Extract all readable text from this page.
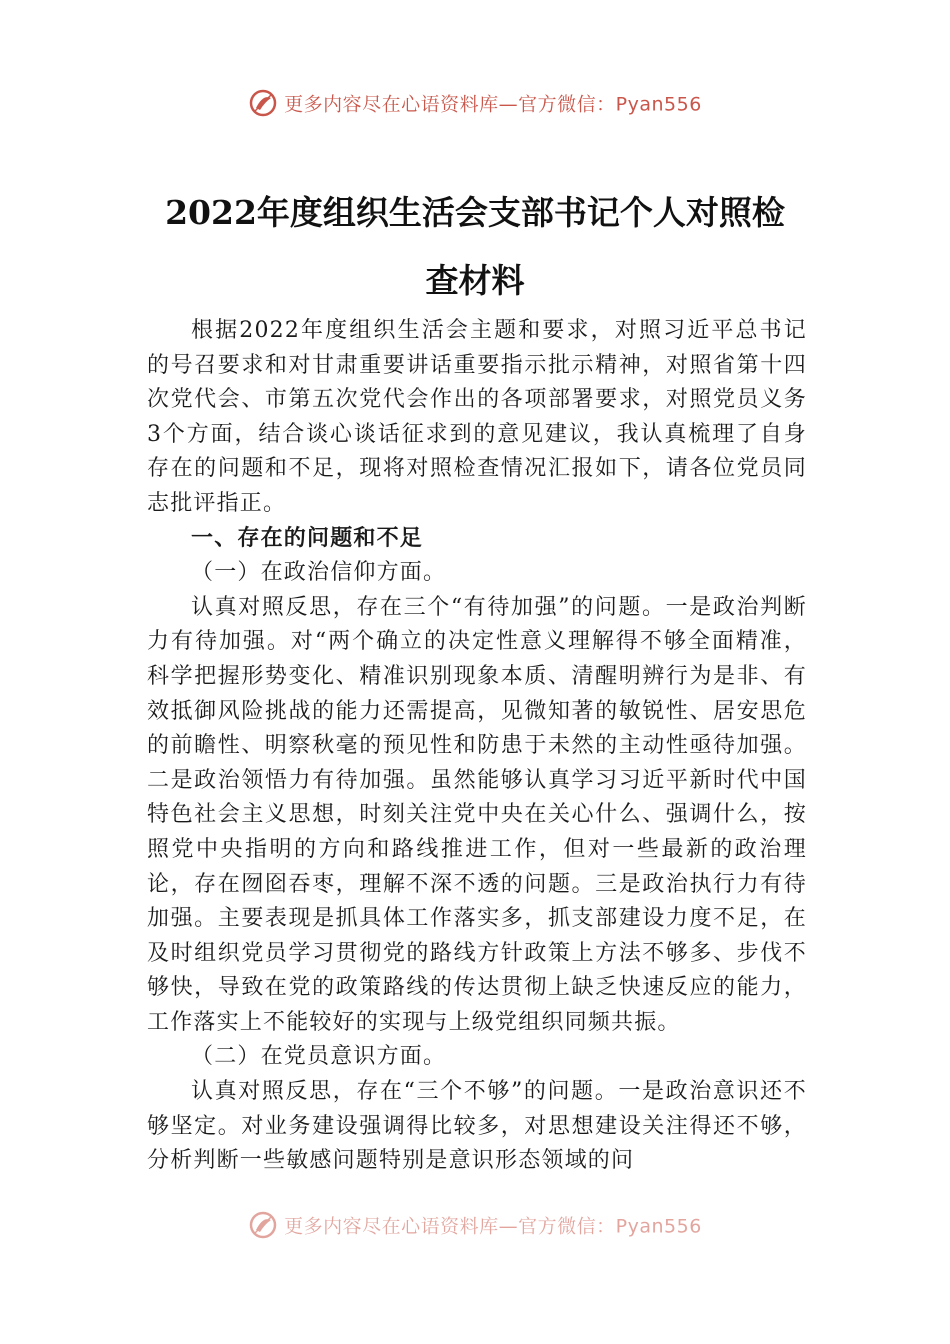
更多内容尽在心语资料库—官方微信：Pyan556
2022年度组织生活会支部书记个人对照检
查材料

根据2022年度组织生活会主题和要求，对照习近平总书记的号召要求和对甘肃重要讲话重要指示批示精神，对照省第十四次党代会、市第五次党代会作出的各项部署要求，对照党员义务3个方面，结合谈心谈话征求到的意见建议，我认真梳理了自身存在的问题和不足，现将对照检查情况汇报如下，请各位党员同志批评指正。

一、存在的问题和不足

（一）在政治信仰方面。

认真对照反思，存在三个“有待加强”的问题。一是政治判断力有待加强。对“两个确立的决定性意义理解得不够全面精准，科学把握形势变化、精准识别现象本质、清醒明辨行为是非、有效抵御风险挑战的能力还需提高，见微知著的敏锐性、居安思危的前瞻性、明察秋毫的预见性和防患于未然的主动性亟待加强。二是政治领悟力有待加强。虽然能够认真学习习近平新时代中国特色社会主义思想，时刻关注党中央在关心什么、强调什么，按照党中央指明的方向和路线推进工作，但对一些最新的政治理论，存在囫囵吞枣，理解不深不透的问题。三是政治执行力有待加强。主要表现是抓具体工作落实多，抓支部建设力度不足，在及时组织党员学习贯彻党的路线方针政策上方法不够多、步伐不够快，导致在党的政策路线的传达贯彻上缺乏快速反应的能力，工作落实上不能较好的实现与上级党组织同频共振。

（二）在党员意识方面。

认真对照反思，存在“三个不够”的问题。一是政治意识还不够坚定。对业务建设强调得比较多，对思想建设关注得还不够，分析判断一些敏感问题特别是意识形态领域的问

更多内容尽在心语资料库—官方微信：Pyan556
